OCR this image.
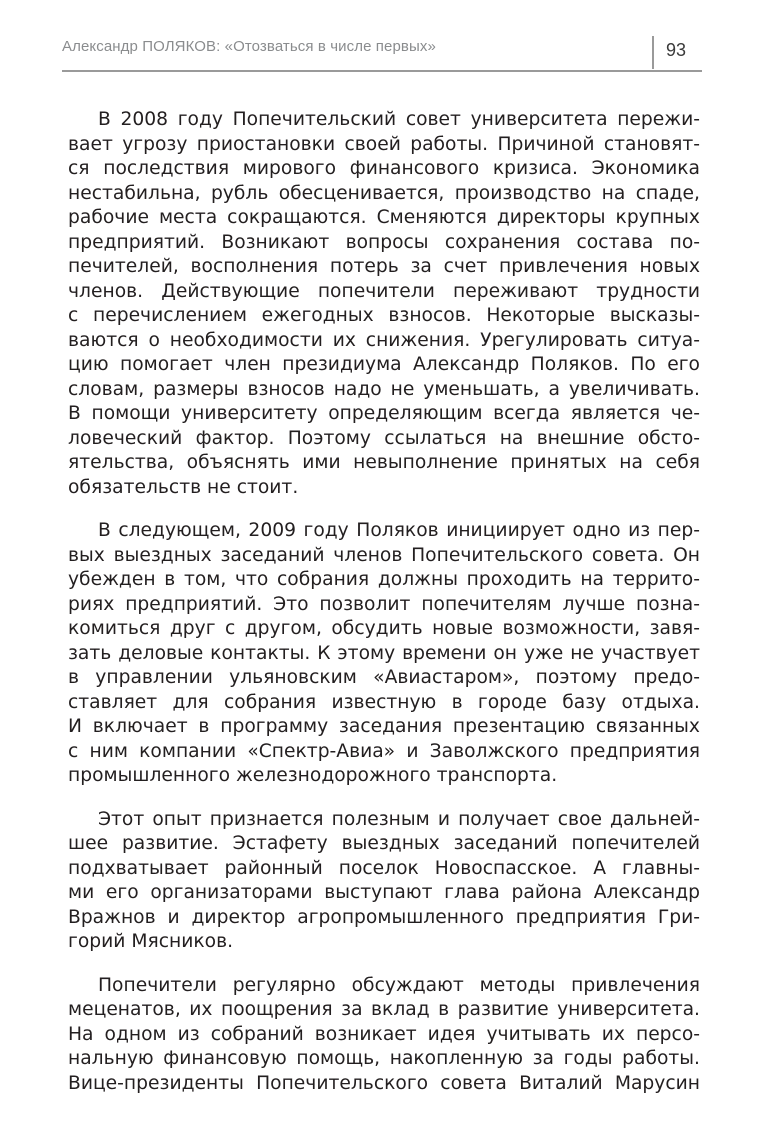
Александр ПОЛЯКОВ: «Отозваться в числе первых»	93

В 2008 году Попечительский совет университета пережи-
вает угрозу приостановки своей работы. Причиной становят-
ся последствия мирового финансового кризиса. Экономика
нестабильна, рубль обесценивается, производство на спаде,
рабочие места сокращаются. Сменяются директоры крупных
предприятий. Возникают вопросы сохранения состава по-
печителей, восполнения потерь за счет привлечения новых
членов. Действующие попечители переживают трудности
с перечислением ежегодных взносов. Некоторые высказы-
ваются о необходимости их снижения. Урегулировать ситуа-
цию помогает член президиума Александр Поляков. По его
словам, размеры взносов надо не уменьшать, а увеличивать.
В помощи университету определяющим всегда является че-
ловеческий фактор. Поэтому ссылаться на внешние обсто-
ятельства, объяснять ими невыполнение принятых на себя
обязательств не стоит.

В следующем, 2009 году Поляков инициирует одно из пер-
вых выездных заседаний членов Попечительского совета. Он
убежден в том, что собрания должны проходить на террито-
риях предприятий. Это позволит попечителям лучше позна-
комиться друг с другом, обсудить новые возможности, завя-
зать деловые контакты. К этому времени он уже не участвует
в управлении ульяновским «Авиастаром», поэтому предо-
ставляет для собрания известную в городе базу отдыха.
И включает в программу заседания презентацию связанных
с ним компании «Спектр-Авиа» и Заволжского предприятия
промышленного железнодорожного транспорта.

Этот опыт признается полезным и получает свое дальней-
шее развитие. Эстафету выездных заседаний попечителей
подхватывает районный поселок Новоспасское. А главны-
ми его организаторами выступают глава района Александр
Вражнов и директор агропромышленного предприятия Гри-
горий Мясников.

Попечители регулярно обсуждают методы привлечения
меценатов, их поощрения за вклад в развитие университета.
На одном из собраний возникает идея учитывать их персо-
нальную финансовую помощь, накопленную за годы работы.
Вице-президенты Попечительского совета Виталий Марусин
